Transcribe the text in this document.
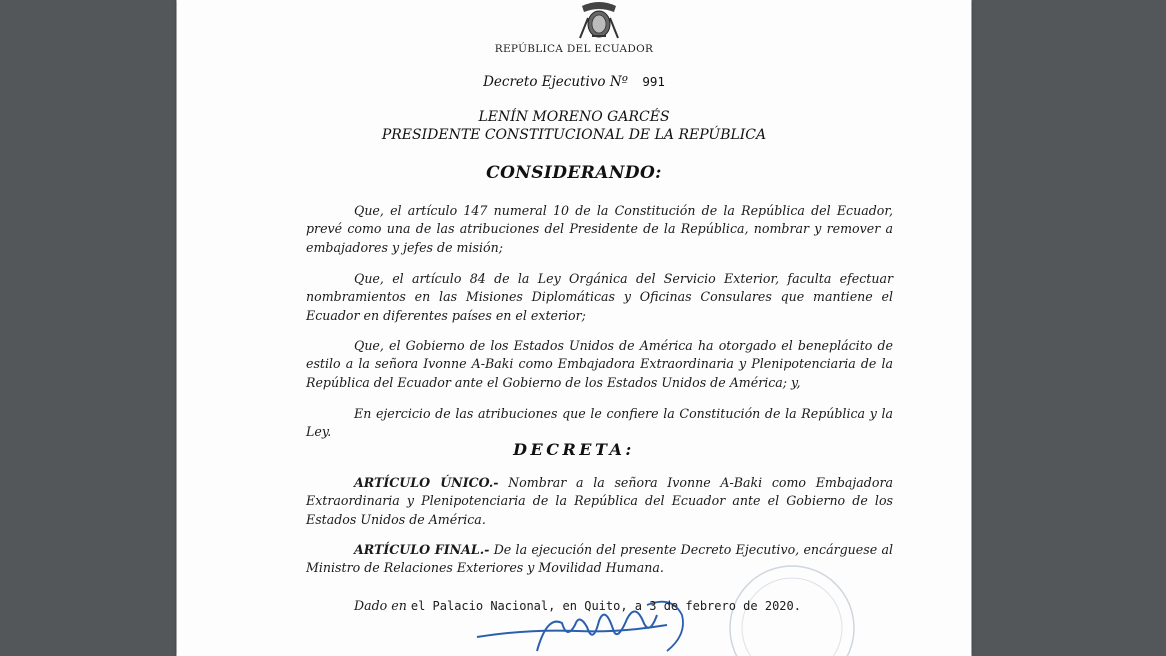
REPÚBLICA DEL ECUADOR
Decreto Ejecutivo Nº 991
LENÍN MORENO GARCÉS
PRESIDENTE CONSTITUCIONAL DE LA REPÚBLICA
CONSIDERANDO:

Que, el artículo 147 numeral 10 de la Constitución de la República del Ecuador, prevé como una de las atribuciones del Presidente de la República, nombrar y remover a embajadores y jefes de misión;

Que, el artículo 84 de la Ley Orgánica del Servicio Exterior, faculta efectuar nombramientos en las Misiones Diplomáticas y Oficinas Consulares que mantiene el Ecuador en diferentes países en el exterior;

Que, el Gobierno de los Estados Unidos de América ha otorgado el beneplácito de estilo a la señora Ivonne A-Baki como Embajadora Extraordinaria y Plenipotenciaria de la República del Ecuador ante el Gobierno de los Estados Unidos de América; y,

En ejercicio de las atribuciones que le confiere la Constitución de la República y la Ley.

DECRETA:

ARTÍCULO ÚNICO.- Nombrar a la señora Ivonne A-Baki como Embajadora Extraordinaria y Plenipotenciaria de la República del Ecuador ante el Gobierno de los Estados Unidos de América.

ARTÍCULO FINAL.- De la ejecución del presente Decreto Ejecutivo, encárguese al Ministro de Relaciones Exteriores y Movilidad Humana.

Dado en el Palacio Nacional, en Quito, a 3 de febrero de 2020.
